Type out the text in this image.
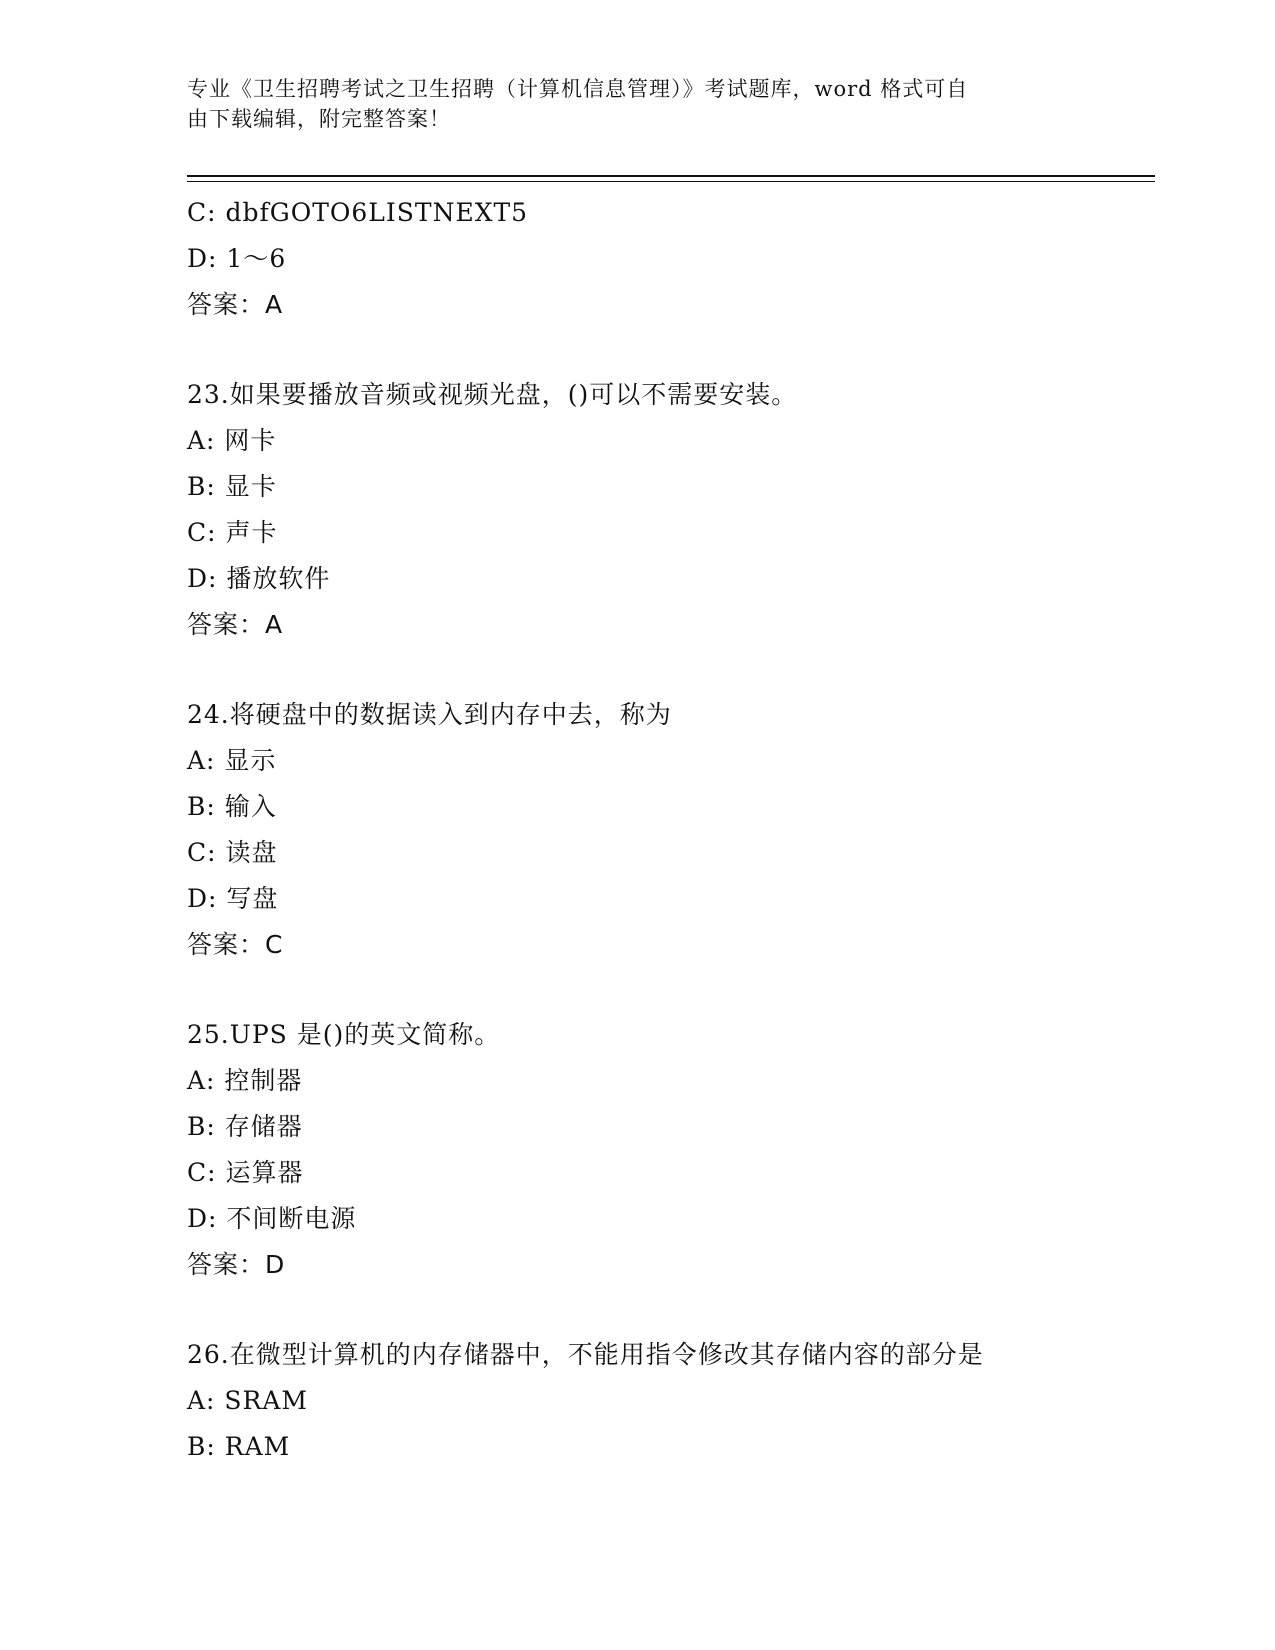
专业《卫生招聘考试之卫生招聘（计算机信息管理）》考试题库，word 格式可自
由下载编辑，附完整答案！
C: dbfGOTO6LISTNEXT5
D: 1～6
答案：A
23.如果要播放音频或视频光盘，()可以不需要安装。
A: 网卡
B: 显卡
C: 声卡
D: 播放软件
答案：A
24.将硬盘中的数据读入到内存中去，称为
A: 显示
B: 输入
C: 读盘
D: 写盘
答案：C
25.UPS 是()的英文简称。
A: 控制器
B: 存储器
C: 运算器
D: 不间断电源
答案：D
26.在微型计算机的内存储器中，不能用指令修改其存储内容的部分是
A: SRAM
B: RAM
